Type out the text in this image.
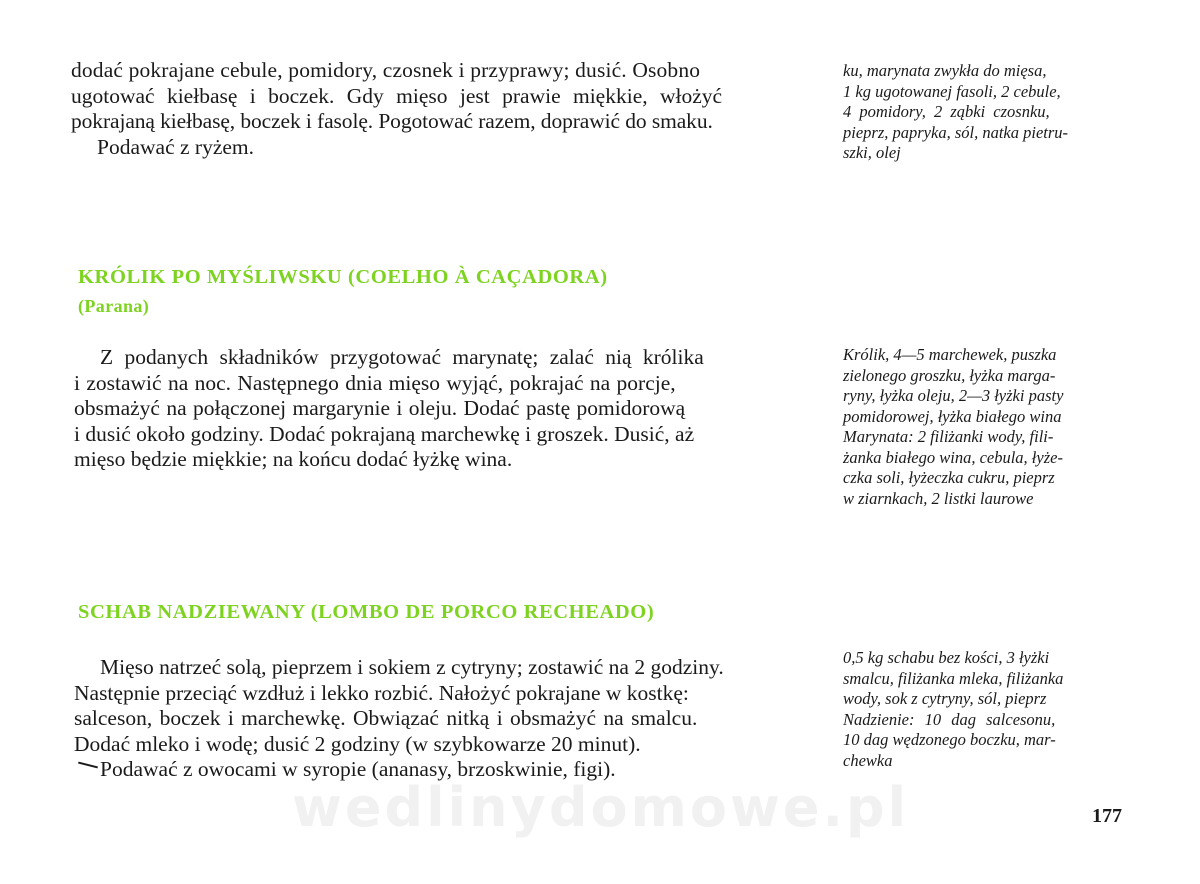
dodać pokrajane cebule, pomidory, czosnek i przyprawy; dusić. Osobno
ugotować kiełbasę i boczek. Gdy mięso jest prawie miękkie, włożyć
pokrajaną kiełbasę, boczek i fasolę. Pogotować razem, doprawić do smaku.
Podawać z ryżem.
ku, marynata zwykła do mięsa,
1 kg ugotowanej fasoli, 2 cebule,
4 pomidory, 2 ząbki czosnku,
pieprz, papryka, sól, natka pietru-
szki, olej
KRÓLIK PO MYŚLIWSKU (COELHO À CAÇADORA)
(Parana)
Z podanych składników przygotować marynatę; zalać nią królika
i zostawić na noc. Następnego dnia mięso wyjąć, pokrajać na porcje,
obsmażyć na połączonej margarynie i oleju. Dodać pastę pomidorową
i dusić około godziny. Dodać pokrajaną marchewkę i groszek. Dusić, aż
mięso będzie miękkie; na końcu dodać łyżkę wina.
Królik, 4—5 marchewek, puszka
zielonego groszku, łyżka marga-
ryny, łyżka oleju, 2—3 łyżki pasty
pomidorowej, łyżka białego wina
Marynata: 2 filiżanki wody, fili-
żanka białego wina, cebula, łyże-
czka soli, łyżeczka cukru, pieprz
w ziarnkach, 2 listki laurowe
SCHAB NADZIEWANY (LOMBO DE PORCO RECHEADO)
Mięso natrzeć solą, pieprzem i sokiem z cytryny; zostawić na 2 godziny.
Następnie przeciąć wzdłuż i lekko rozbić. Nałożyć pokrajane w kostkę:
salceson, boczek i marchewkę. Obwiązać nitką i obsmażyć na smalcu.
Dodać mleko i wodę; dusić 2 godziny (w szybkowarze 20 minut).
Podawać z owocami w syropie (ananasy, brzoskwinie, figi).
0,5 kg schabu bez kości, 3 łyżki
smalcu, filiżanka mleka, filiżanka
wody, sok z cytryny, sól, pieprz
Nadzienie: 10 dag salcesonu,
10 dag wędzonego boczku, mar-
chewka
wedlinydomowe.pl	177
